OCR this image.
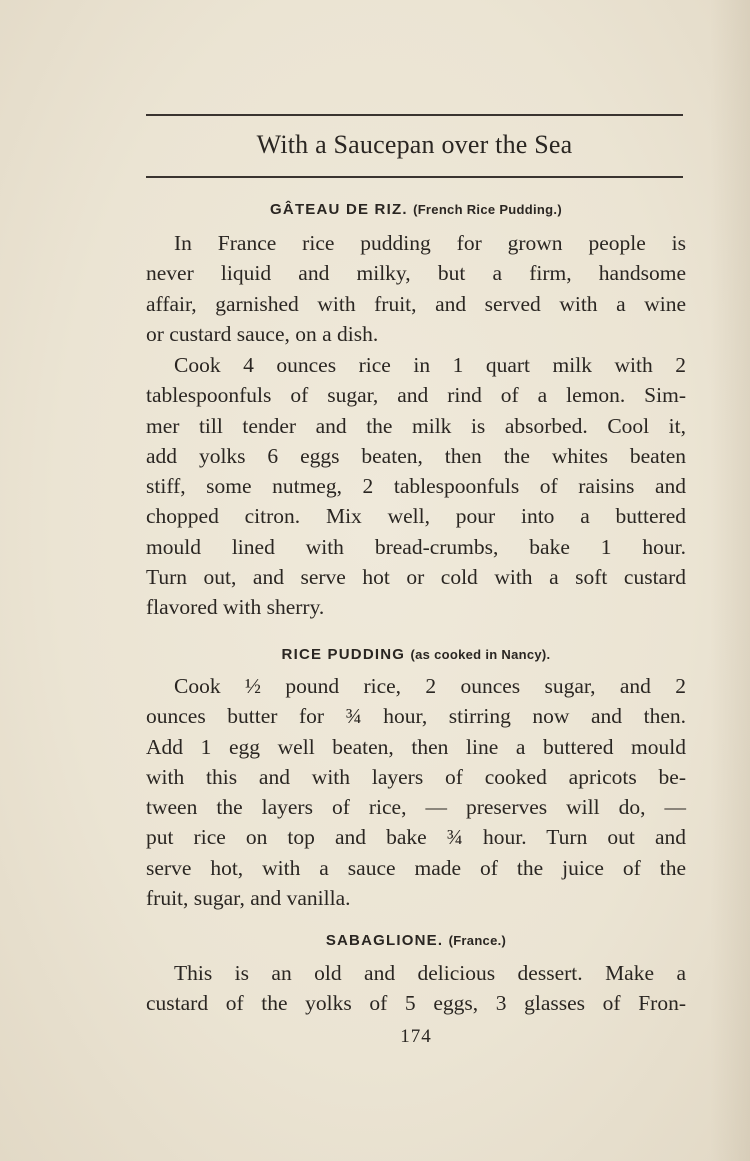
With a Saucepan over the Sea
GÂTEAU DE RIZ. (French Rice Pudding.)
In France rice pudding for grown people is
never liquid and milky, but a firm, handsome
affair, garnished with fruit, and served with a wine
or custard sauce, on a dish.
Cook 4 ounces rice in 1 quart milk with 2
tablespoonfuls of sugar, and rind of a lemon. Sim-
mer till tender and the milk is absorbed. Cool it,
add yolks 6 eggs beaten, then the whites beaten
stiff, some nutmeg, 2 tablespoonfuls of raisins and
chopped citron. Mix well, pour into a buttered
mould lined with bread-crumbs, bake 1 hour.
Turn out, and serve hot or cold with a soft custard
flavored with sherry.
RICE PUDDING (as cooked in Nancy).
Cook ½ pound rice, 2 ounces sugar, and 2
ounces butter for ¾ hour, stirring now and then.
Add 1 egg well beaten, then line a buttered mould
with this and with layers of cooked apricots be-
tween the layers of rice, — preserves will do, —
put rice on top and bake ¾ hour. Turn out and
serve hot, with a sauce made of the juice of the
fruit, sugar, and vanilla.
SABAGLIONE. (France.)
This is an old and delicious dessert. Make a
custard of the yolks of 5 eggs, 3 glasses of Fron-
174
